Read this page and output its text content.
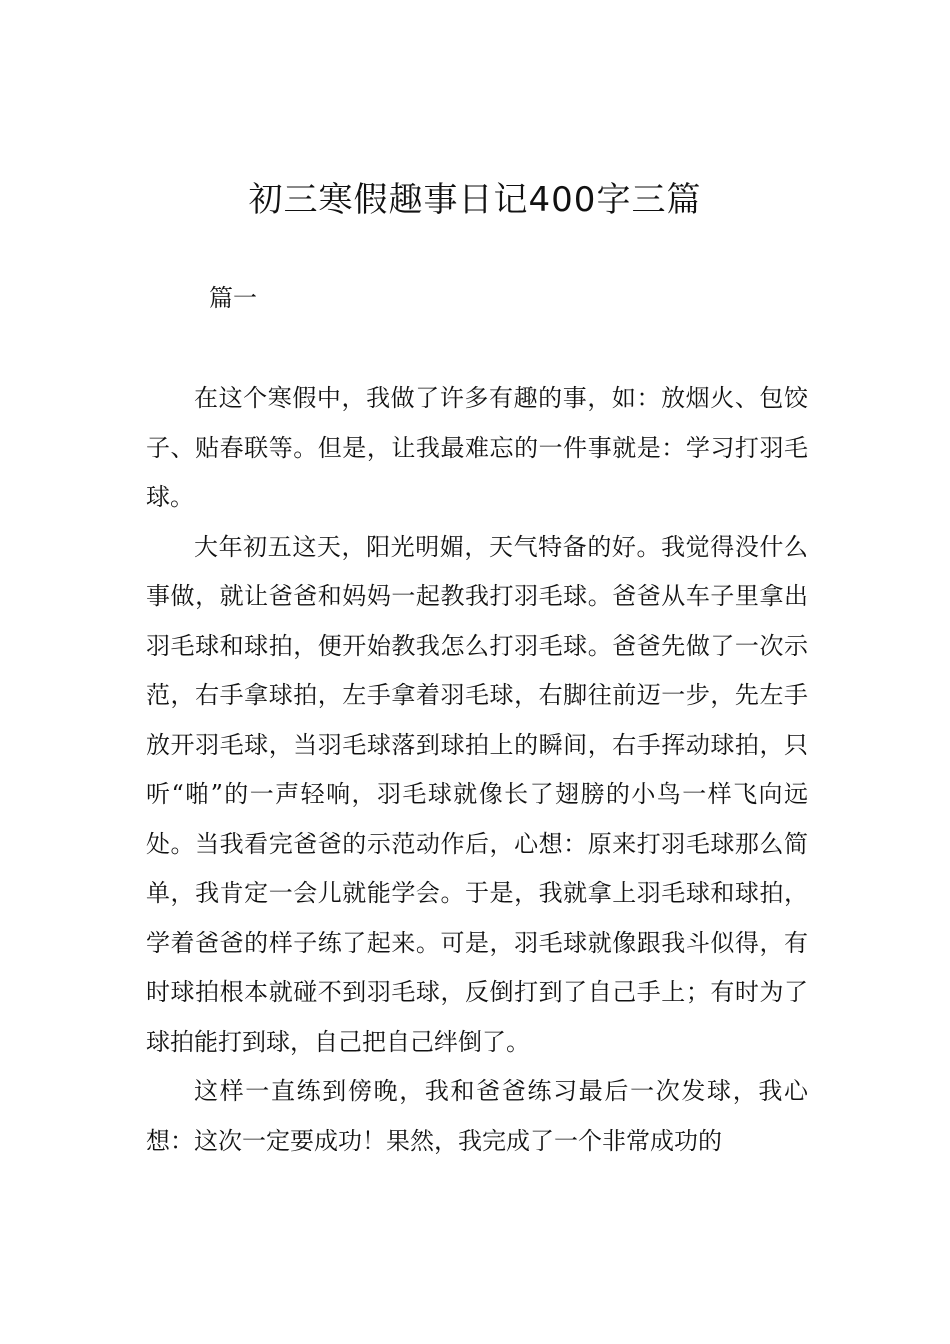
初三寒假趣事日记400字三篇
篇一

在这个寒假中，我做了许多有趣的事，如：放烟火、包饺子、贴春联等。但是，让我最难忘的一件事就是：学习打羽毛球。

大年初五这天，阳光明媚，天气特备的好。我觉得没什么事做，就让爸爸和妈妈一起教我打羽毛球。爸爸从车子里拿出羽毛球和球拍，便开始教我怎么打羽毛球。爸爸先做了一次示范，右手拿球拍，左手拿着羽毛球，右脚往前迈一步，先左手放开羽毛球，当羽毛球落到球拍上的瞬间，右手挥动球拍，只听“啪”的一声轻响，羽毛球就像长了翅膀的小鸟一样飞向远处。当我看完爸爸的示范动作后，心想：原来打羽毛球那么简单，我肯定一会儿就能学会。于是，我就拿上羽毛球和球拍，学着爸爸的样子练了起来。可是，羽毛球就像跟我斗似得，有时球拍根本就碰不到羽毛球，反倒打到了自己手上；有时为了球拍能打到球，自己把自己绊倒了。

这样一直练到傍晚，我和爸爸练习最后一次发球，我心想：这次一定要成功！果然，我完成了一个非常成功的
